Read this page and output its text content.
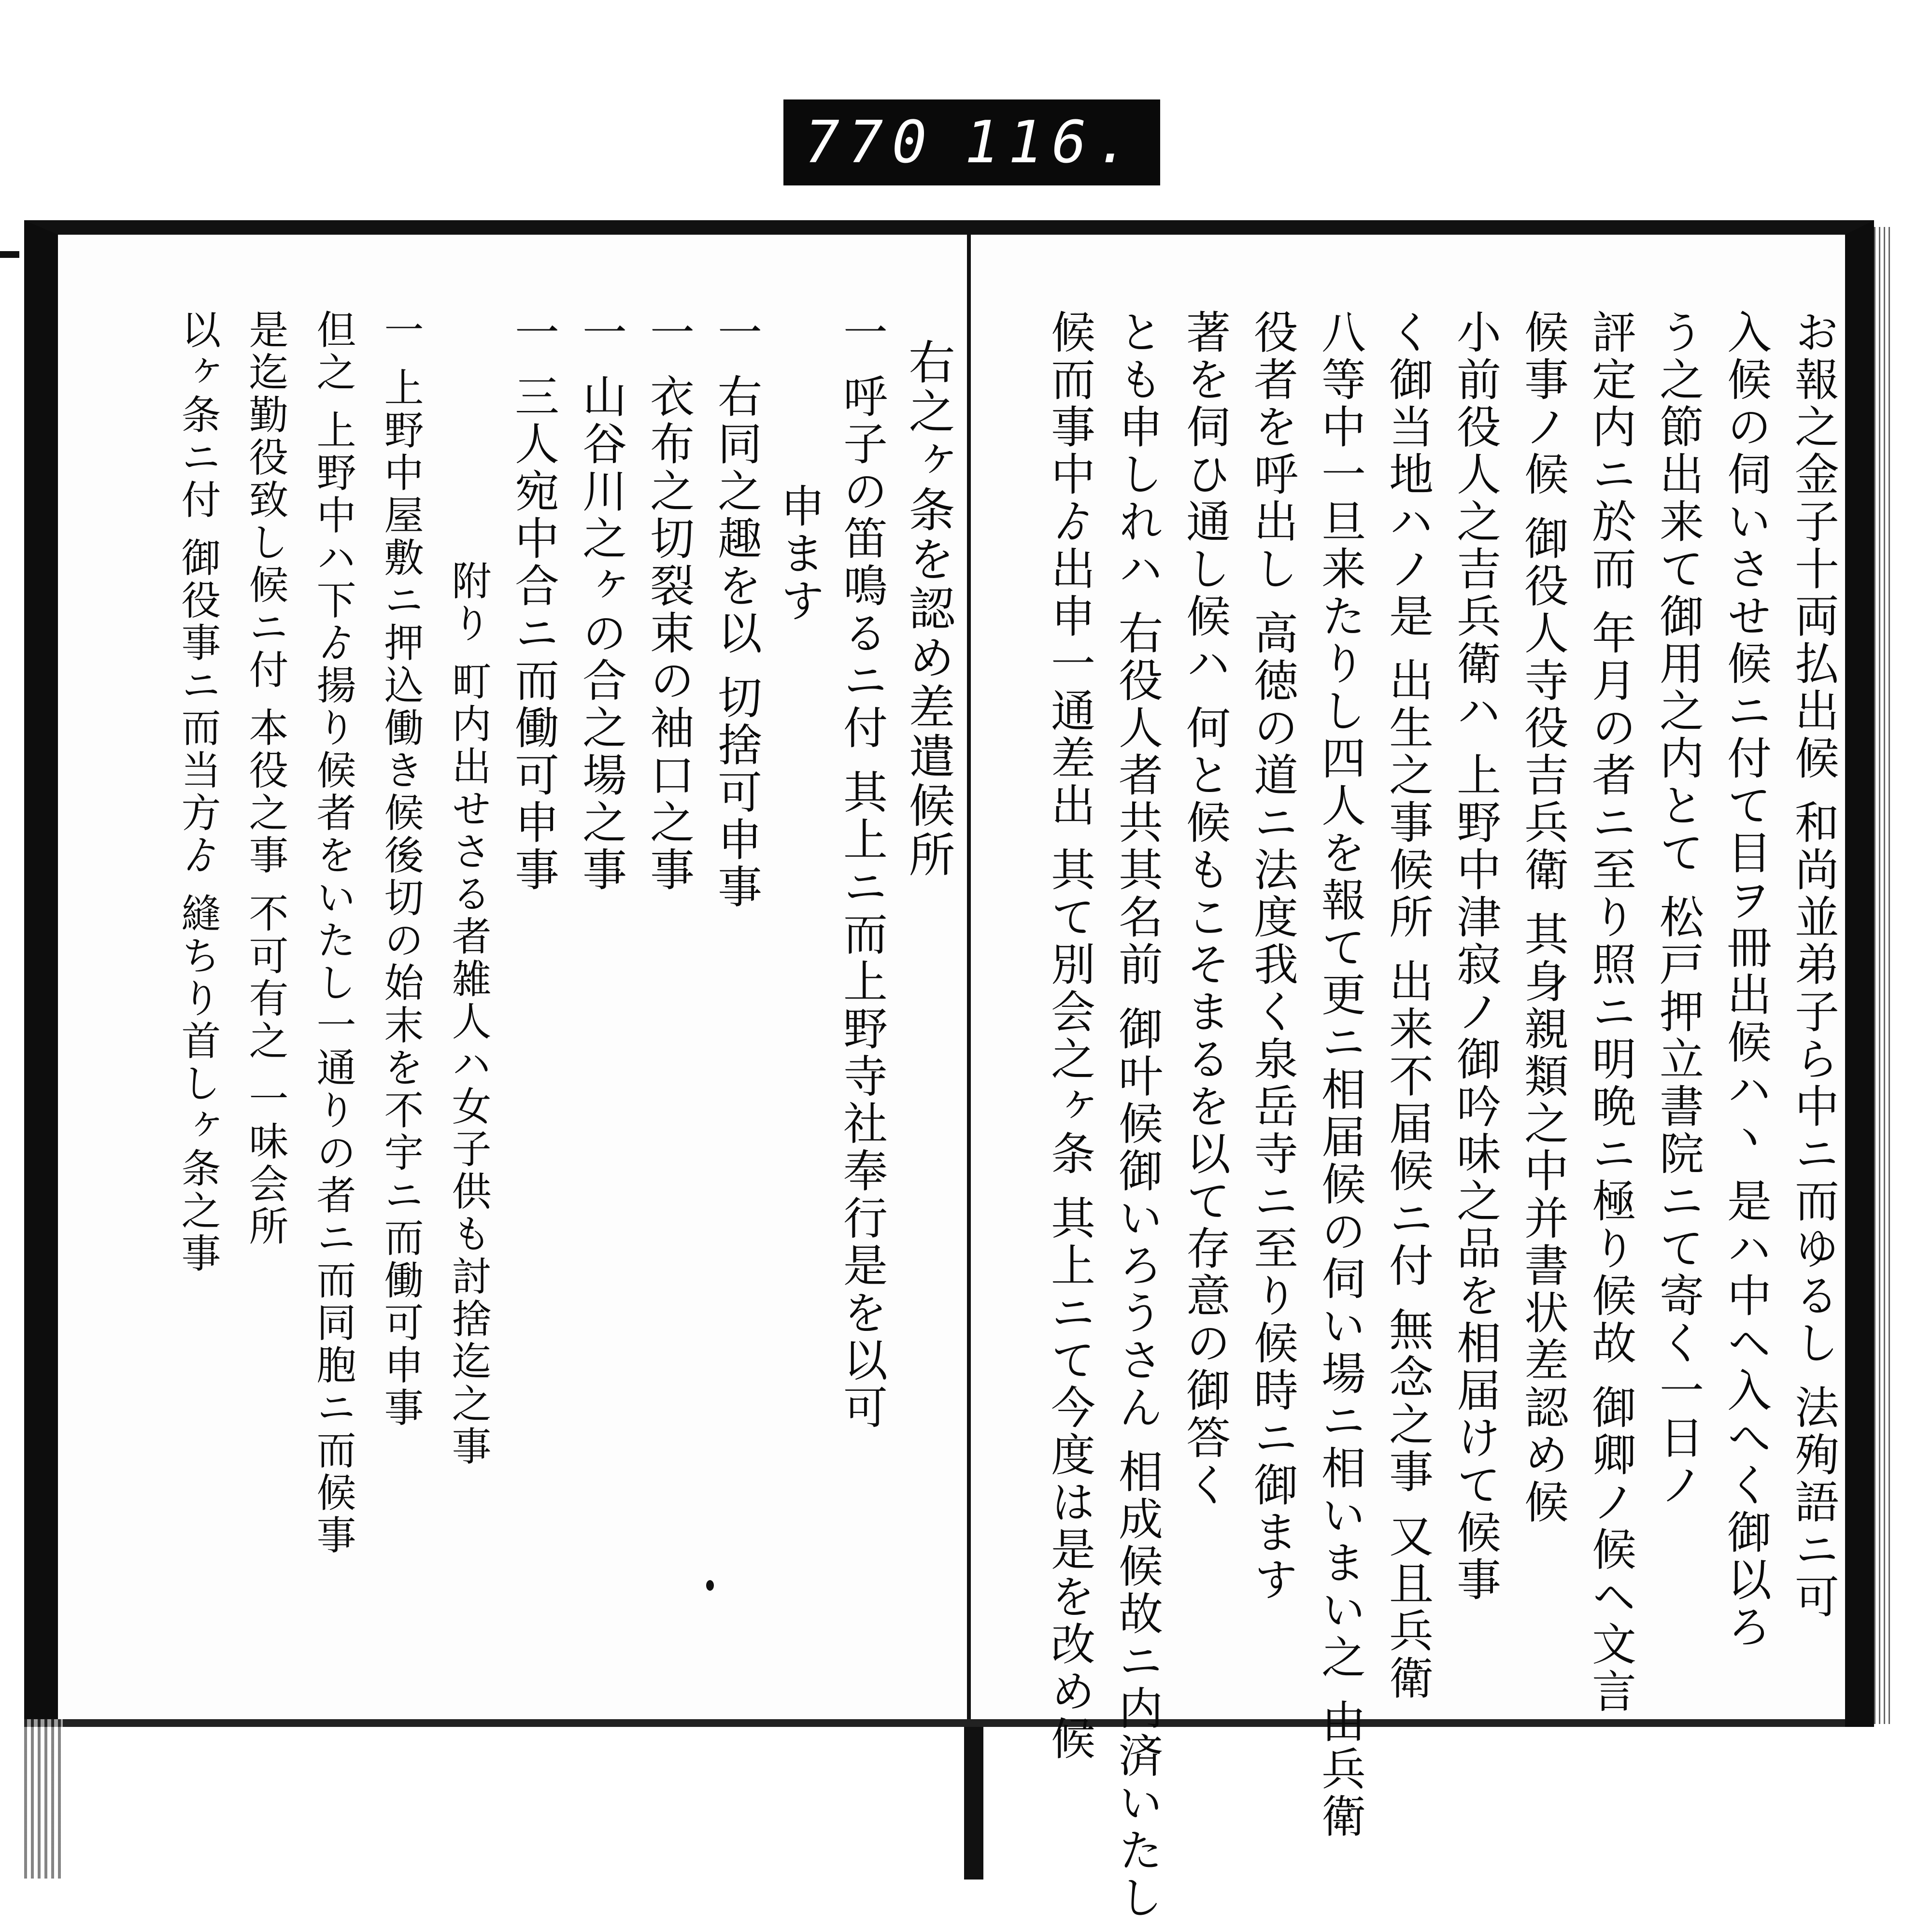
770 116.
お報之金子十両払出候 和尚並弟子ら中ニ而ゆるし 法殉語ニ可
入候の伺いさせ候ニ付て目ヲ冊出候ハヽ 是ハ中ヘ入へく御以ろ
う之節出来て御用之内とて 松戸押立書院ニて寄く一日ノ
評定内ニ於而 年月の者ニ至り照ニ明晩ニ極り候故 御卿ノ候ヘ文言
候事ノ候 御役人寺役吉兵衛 其身親類之中并書状差認め候
小前役人之吉兵衛ハ 上野中津寂ノ御吟味之品を相届けて候事
く御当地ハノ是 出生之事候所 出来不届候ニ付 無念之事 又且兵衛
八等中一旦来たりし四人を報て更ニ相届候の伺い場ニ相いまい之 由兵衛
役者を呼出し 高徳の道ニ法度我く泉岳寺ニ至り候時ニ御ます
著を伺ひ通し候ハ 何と候もこそまるを以て存意の御答く
とも申しれハ 右役人者共其名前 御叶候御いろうさん 相成候故ニ内済いたし
候而事中ゟ出申一通差出 其て別会之ヶ条 其上ニて今度は是を改め候
右之ヶ条を認め差遣候所
一 呼子の笛鳴るニ付 其上ニ而上野寺社奉行是を以可
申ます
一 右同之趣を以 切捨可申事
一 衣布之切裂束の袖口之事
一 山谷川之ヶの合之場之事
一 三人宛中合ニ而働可申事
附り 町内出せさる者雑人ハ女子供も討捨迄之事
一 上野中屋敷ニ押込働き候後切の始末を不宇ニ而働可申事
但之 上野中ハ下ゟ揚り候者をいたし一通りの者ニ而同胞ニ而候事
是迄勤役致し候ニ付 本役之事 不可有之 一味会所
以ヶ条ニ付 御役事ニ而当方ゟ 縫ちり首しヶ条之事
